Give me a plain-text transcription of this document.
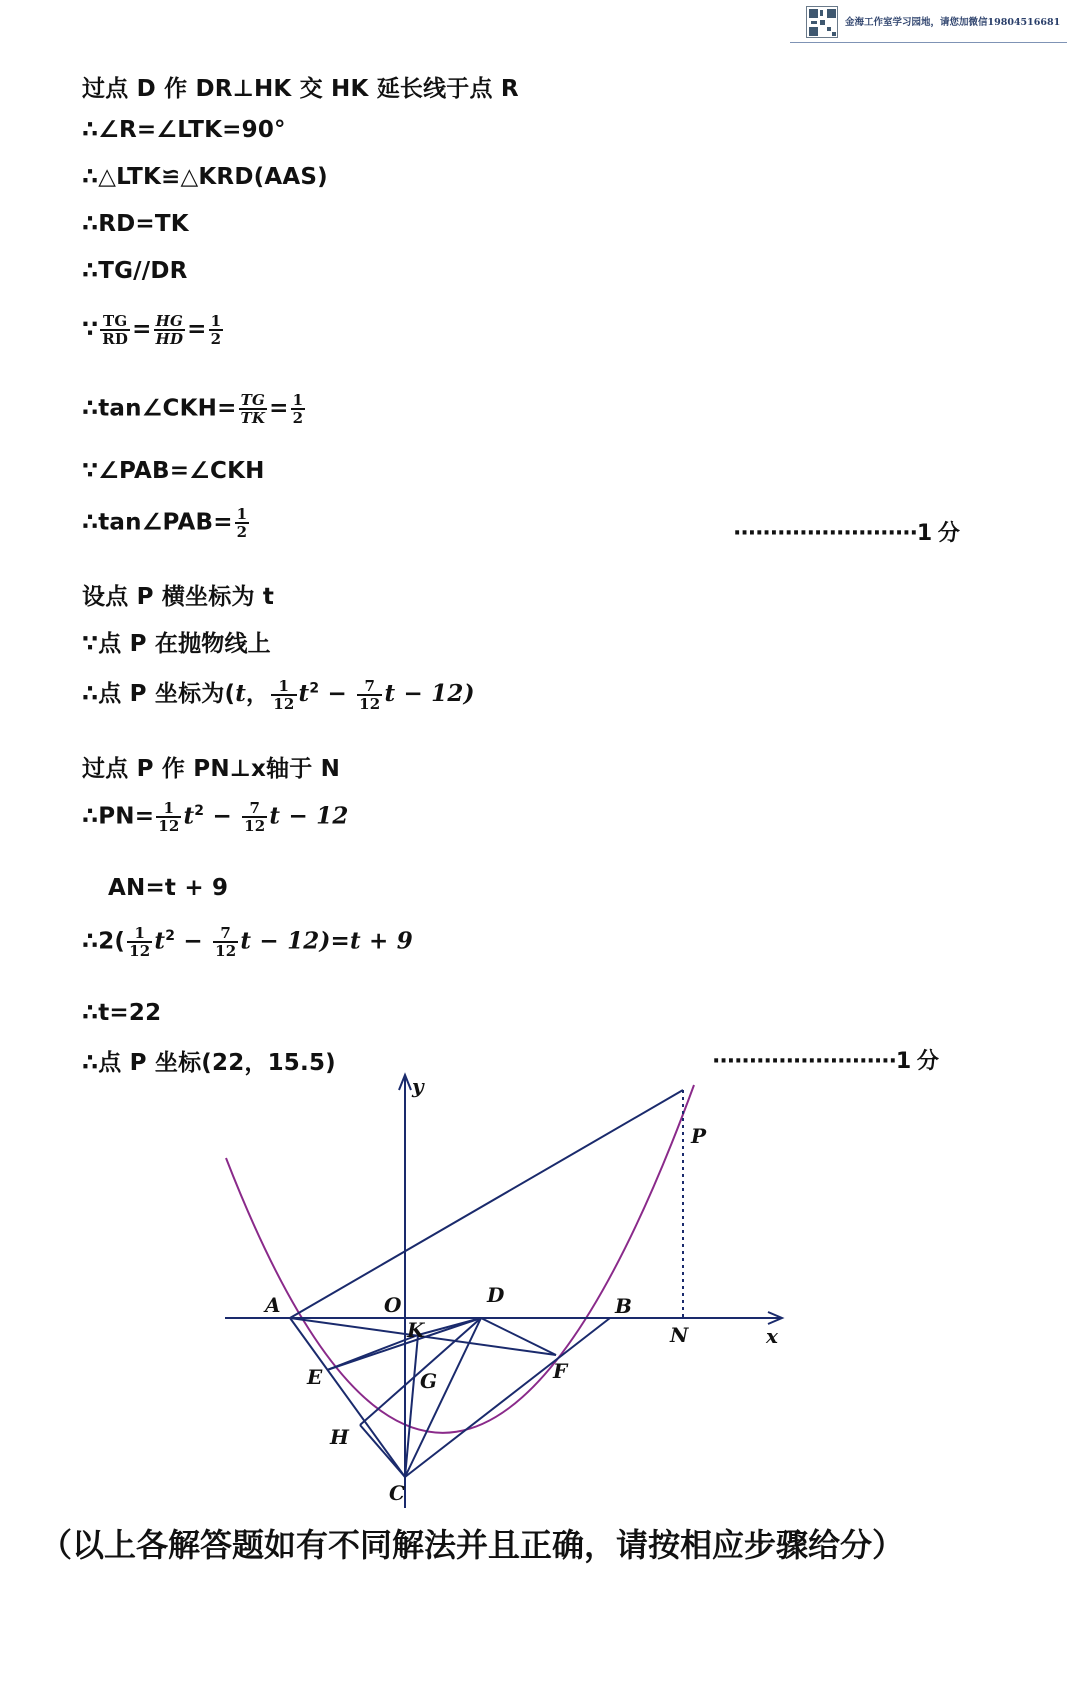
金海工作室学习园地，请您加微信19804516681
过点 D 作 DR⊥HK 交 HK 延长线于点 R
∴∠R=∠LTK=90°
∴△LTK≌△KRD(AAS)
∴RD=TK
∴TG//DR
∵ $\frac{TG}{RD} = \frac{HG}{HD} = \frac{1}{2}$
∴tan∠CKH= $\frac{TG}{TK} = \frac{1}{2}$
∵∠PAB=∠CKH
∴tan∠PAB= $\frac{1}{2}$	·························1 分
设点 P 横坐标为 t
∵点 P 在抛物线上
∴点 P 坐标为(t， $\frac{1}{12} t^2 - \frac{7}{12}$ t − 12)
过点 P 作 PN⊥x轴于 N
∴PN= $\frac{1}{12} t^2 - \frac{7}{12}$ t − 12
AN=t + 9
∴2( $\frac{1}{12} t^2 - \frac{7}{12}$ t − 12)=t + 9
∴t=22
∴点 P 坐标(22，15.5)	·························1 分
y
x
A	O
K
D	B
N
P
E	G	F
H
C
（以上各解答题如有不同解法并且正确，请按相应步骤给分）
